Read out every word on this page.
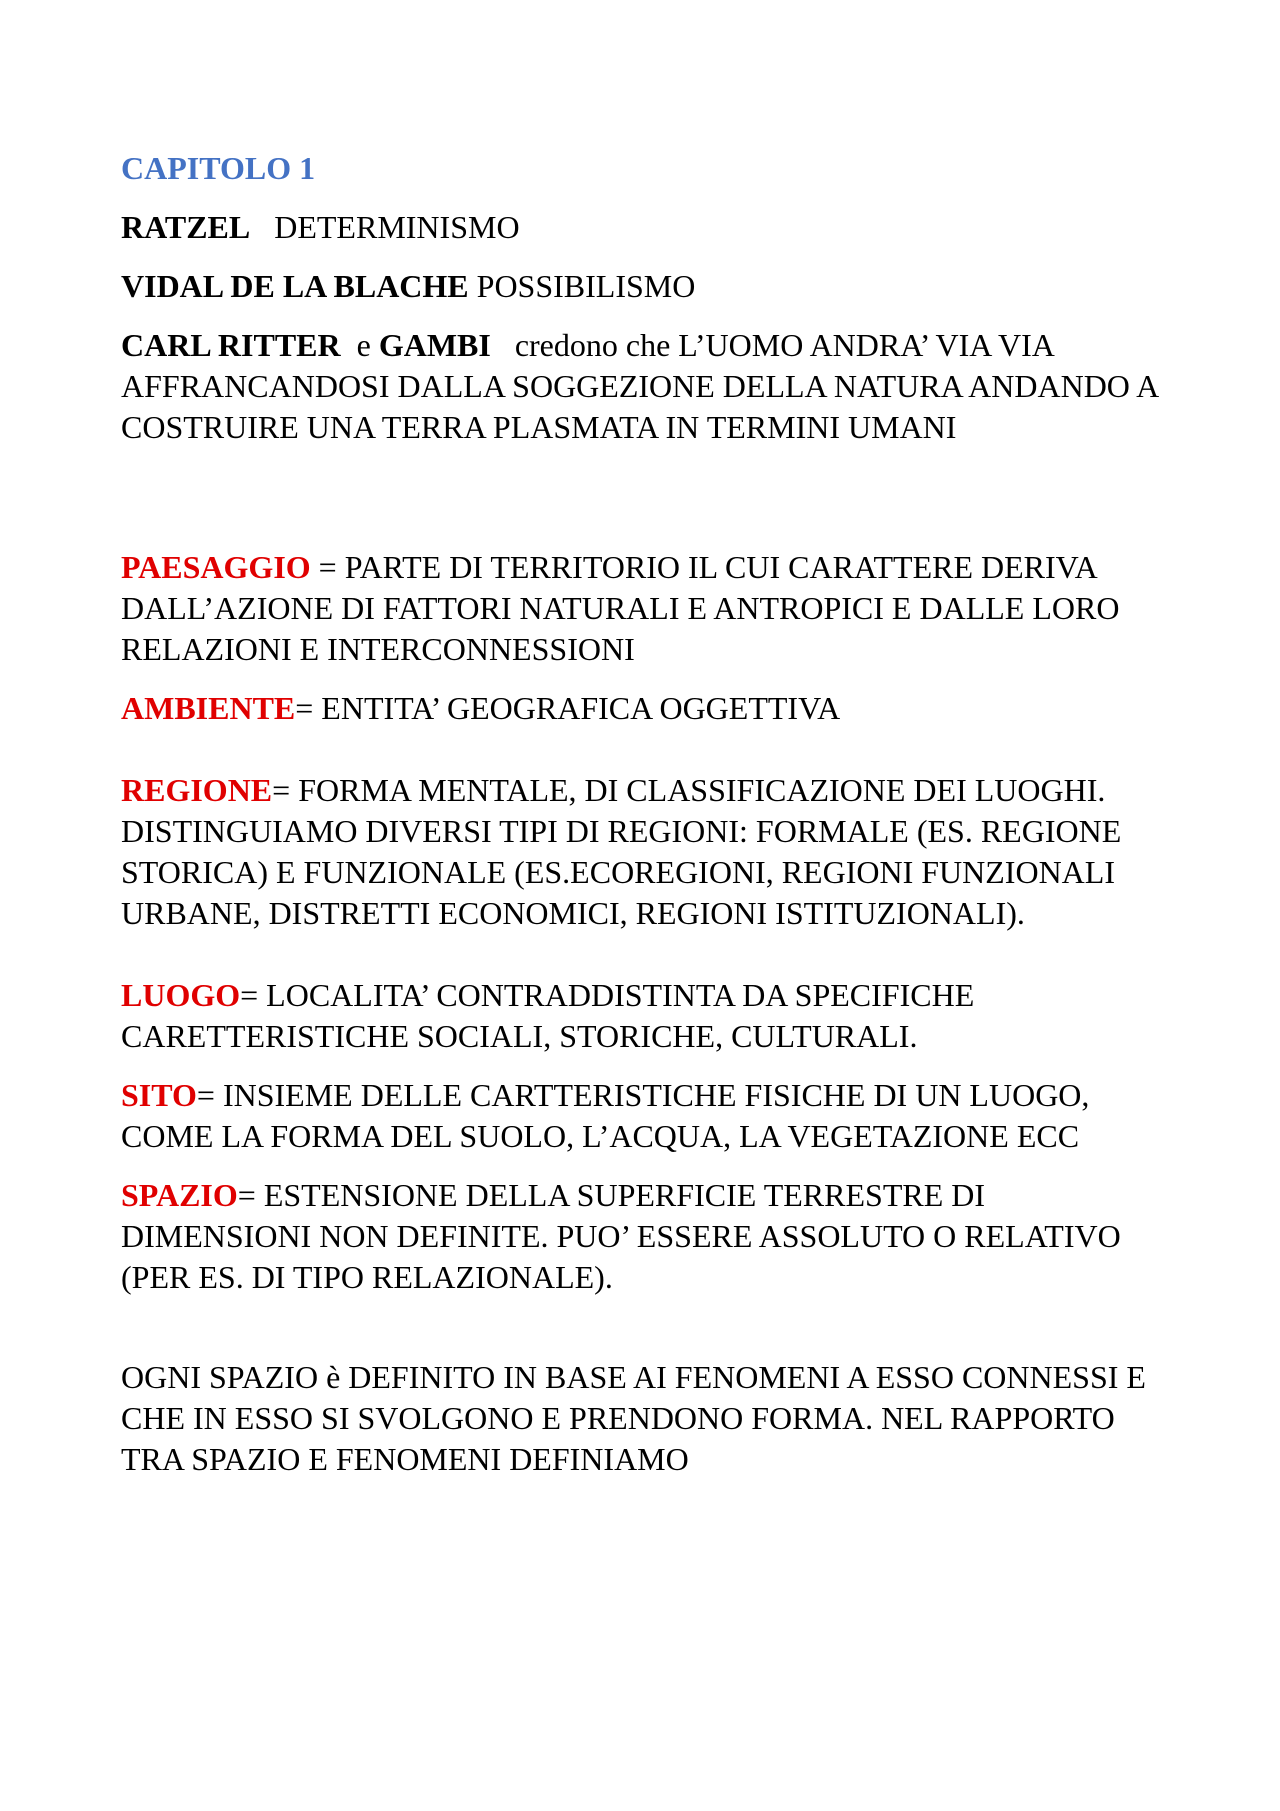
CAPITOLO 1

RATZEL DETERMINISMO

VIDAL DE LA BLACHE POSSIBILISMO

CARL RITTER e GAMBI credono che L’UOMO ANDRA’ VIA VIA AFFRANCANDOSI DALLA SOGGEZIONE DELLA NATURA ANDANDO A COSTRUIRE UNA TERRA PLASMATA IN TERMINI UMANI

PAESAGGIO = PARTE DI TERRITORIO IL CUI CARATTERE DERIVA DALL’AZIONE DI FATTORI NATURALI E ANTROPICI E DALLE LORO RELAZIONI E INTERCONNESSIONI

AMBIENTE= ENTITA’ GEOGRAFICA OGGETTIVA

REGIONE= FORMA MENTALE, DI CLASSIFICAZIONE DEI LUOGHI. DISTINGUIAMO DIVERSI TIPI DI REGIONI: FORMALE (ES. REGIONE STORICA) E FUNZIONALE (ES.ECOREGIONI, REGIONI FUNZIONALI URBANE, DISTRETTI ECONOMICI, REGIONI ISTITUZIONALI).

LUOGO= LOCALITA’ CONTRADDISTINTA DA SPECIFICHE CARETTERISTICHE SOCIALI, STORICHE, CULTURALI.

SITO= INSIEME DELLE CARTTERISTICHE FISICHE DI UN LUOGO, COME LA FORMA DEL SUOLO, L’ACQUA, LA VEGETAZIONE ECC

SPAZIO= ESTENSIONE DELLA SUPERFICIE TERRESTRE DI DIMENSIONI NON DEFINITE. PUO’ ESSERE ASSOLUTO O RELATIVO (PER ES. DI TIPO RELAZIONALE).

OGNI SPAZIO è DEFINITO IN BASE AI FENOMENI A ESSO CONNESSI E CHE IN ESSO SI SVOLGONO E PRENDONO FORMA. NEL RAPPORTO TRA SPAZIO E FENOMENI DEFINIAMO
